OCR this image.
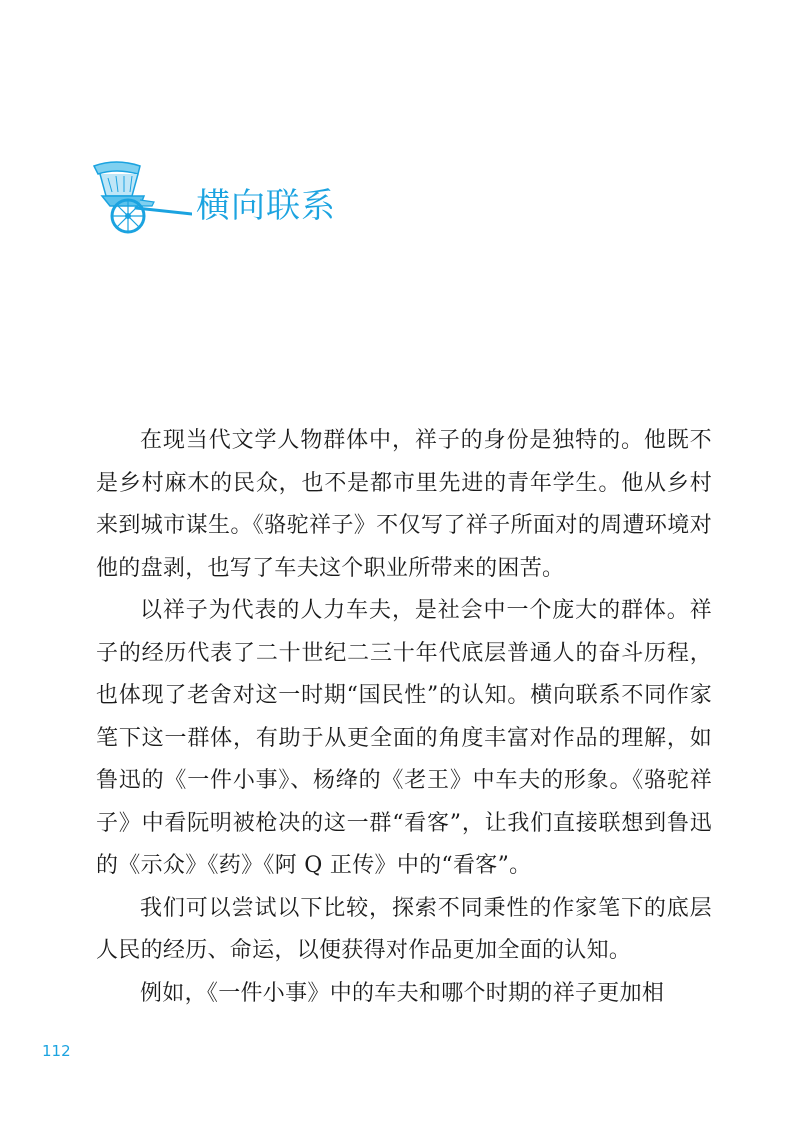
横向联系

在现当代文学人物群体中，祥子的身份是独特的。他既不是乡村麻木的民众，也不是都市里先进的青年学生。他从乡村来到城市谋生。《骆驼祥子》不仅写了祥子所面对的周遭环境对他的盘剥，也写了车夫这个职业所带来的困苦。

以祥子为代表的人力车夫，是社会中一个庞大的群体。祥子的经历代表了二十世纪二三十年代底层普通人的奋斗历程，也体现了老舍对这一时期“国民性”的认知。横向联系不同作家笔下这一群体，有助于从更全面的角度丰富对作品的理解，如鲁迅的《一件小事》、杨绛的《老王》中车夫的形象。《骆驼祥子》中看阮明被枪决的这一群“看客”，让我们直接联想到鲁迅的《示众》《药》《阿 Q 正传》中的“看客”。

我们可以尝试以下比较，探索不同秉性的作家笔下的底层人民的经历、命运，以便获得对作品更加全面的认知。

例如，《一件小事》中的车夫和哪个时期的祥子更加相

112
